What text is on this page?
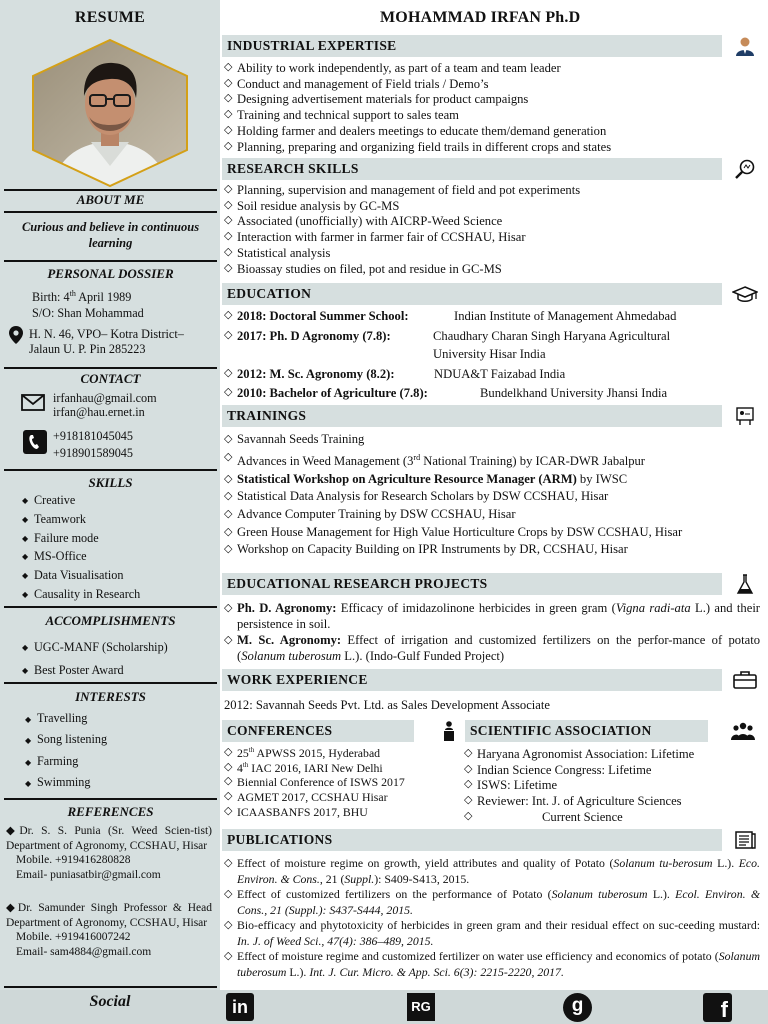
RESUME
ABOUT ME
Curious and believe in continuous learning
PERSONAL DOSSIER
Birth: 4th April 1989
S/O: Shan Mohammad
H. N. 46, VPO– Kotra District–
Jalaun U. P. Pin 285223
CONTACT
irfanhau@gmail.com
irfan@hau.ernet.in
+918181045045
+918901589045
SKILLS
◆ Creative
◆ Teamwork
◆ Failure mode
◆ MS-Office
◆ Data Visualisation
◆ Causality in Research
ACCOMPLISHMENTS
◆ UGC-MANF (Scholarship)
◆ Best Poster Award
INTERESTS
◆ Travelling
◆ Song listening
◆ Farming
◆ Swimming
REFERENCES
◆Dr. S. S. Punia (Sr. Weed Scien-tist) Department of Agronomy, CCSHAU, Hisar
Mobile. +919416280828
Email- puniasatbir@gmail.com
◆Dr. Samunder Singh Professor & Head Department of Agronomy, CCSHAU, Hisar
Mobile. +919416007242
Email- sam4884@gmail.com
Social	in	RG	g	f
MOHAMMAD IRFAN Ph.D
INDUSTRIAL EXPERTISE
◇ Ability to work independently, as part of a team and team leader
◇ Conduct and management of Field trials / Demo’s
◇ Designing advertisement materials for product campaigns
◇ Training and technical support to sales team
◇ Holding farmer and dealers meetings to educate them/demand generation
◇ Planning, preparing and organizing field trails in different crops and states
RESEARCH SKILLS
◇ Planning, supervision and management of field and pot experiments
◇ Soil residue analysis by GC-MS
◇ Associated (unofficially) with AICRP-Weed Science
◇ Interaction with farmer in farmer fair of CCSHAU, Hisar
◇ Statistical analysis
◇ Bioassay studies on filed, pot and residue in GC-MS
EDUCATION
◇ 2018: Doctoral Summer School:	Indian Institute of Management Ahmedabad
◇ 2017: Ph. D Agronomy (7.8):	Chaudhary Charan Singh Haryana Agricultural
University Hisar India
◇ 2012: M. Sc. Agronomy (8.2):	NDUA&T Faizabad India
◇ 2010: Bachelor of Agriculture (7.8):	Bundelkhand University Jhansi India
TRAININGS
◇ Savannah Seeds Training
◇ Advances in Weed Management (3rd National Training) by ICAR-DWR Jabalpur
◇ Statistical Workshop on Agriculture Resource Manager (ARM) by IWSC
◇ Statistical Data Analysis for Research Scholars by DSW CCSHAU, Hisar
◇ Advance Computer Training by DSW CCSHAU, Hisar
◇ Green House Management for High Value Horticulture Crops by DSW CCSHAU, Hisar
◇ Workshop on Capacity Building on IPR Instruments by DR, CCSHAU, Hisar
EDUCATIONAL RESEARCH PROJECTS
◇ Ph. D. Agronomy: Efficacy of imidazolinone herbicides in green gram (Vigna radi-ata L.) and their persistence in soil.
◇ M. Sc. Agronomy: Effect of irrigation and customized fertilizers on the perfor-mance of potato (Solanum tuberosum L.). (Indo-Gulf Funded Project)
WORK EXPERIENCE
2012: Savannah Seeds Pvt. Ltd. as Sales Development Associate
CONFERENCES	SCIENTIFIC ASSOCIATION
◇ 25th APWSS 2015, Hyderabad
◇ 4th IAC 2016, IARI New Delhi
◇ Biennial Conference of ISWS 2017
◇ AGMET 2017, CCSHAU Hisar
◇ ICAASBANFS 2017, BHU
◇ Haryana Agronomist Association: Lifetime
◇ Indian Science Congress: Lifetime
◇ ISWS: Lifetime
◇ Reviewer: Int. J. of Agriculture Sciences
◇ Current Science
PUBLICATIONS
◇ Effect of moisture regime on growth, yield attributes and quality of Potato (Solanum tu-berosum L.). Eco. Environ. & Cons., 21 (Suppl.): S409-S413, 2015.
◇ Effect of customized fertilizers on the performance of Potato (Solanum tuberosum L.). Ecol. Environ. & Cons., 21 (Suppl.): S437-S444, 2015.
◇ Bio-efficacy and phytotoxicity of herbicides in green gram and their residual effect on suc-ceeding mustard: In. J. of Weed Sci., 47(4): 386–489, 2015.
◇ Effect of moisture regime and customized fertilizer on water use efficiency and economics of potato (Solanum tuberosum L.). Int. J. Cur. Micro. & App. Sci. 6(3): 2215-2220, 2017.
